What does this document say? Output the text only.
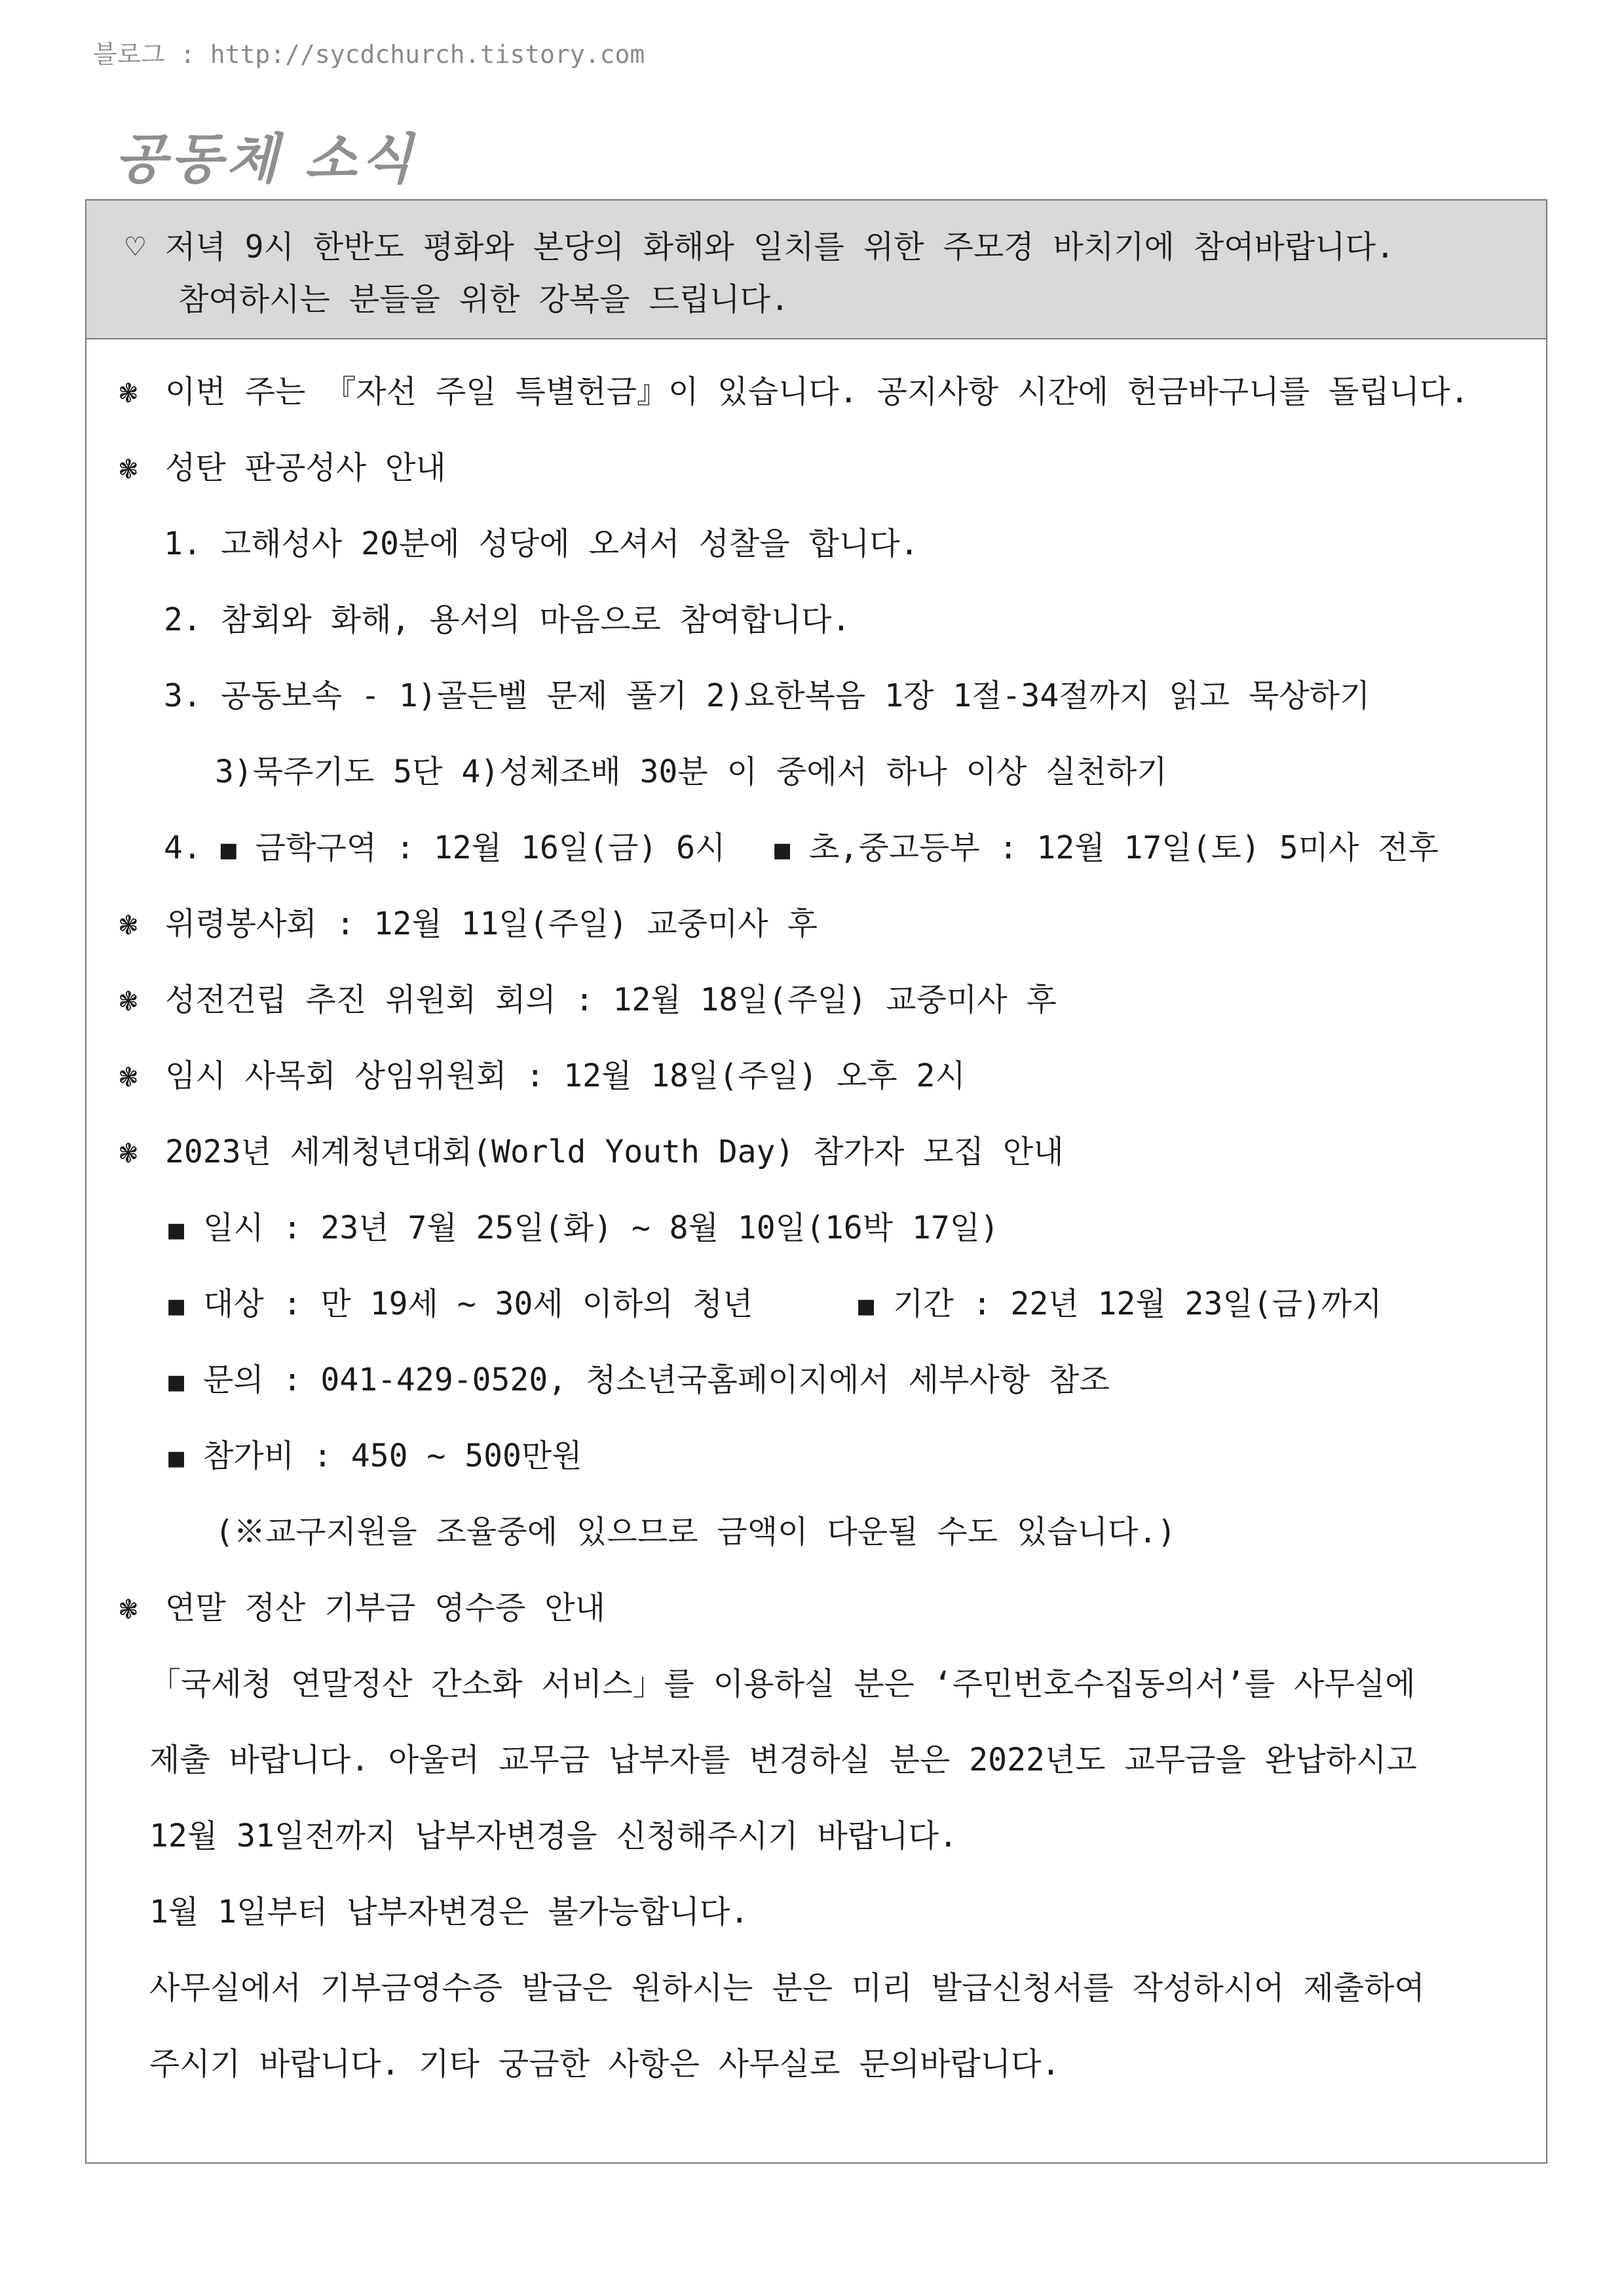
블로그 : http://sycdchurch.tistory.com
공동체 소식
♡ 저녁 9시 한반도 평화와 본당의 화해와 일치를 위한 주모경 바치기에 참여바랍니다.
참여하시는 분들을 위한 강복을 드립니다.
❃ 이번 주는 『자선 주일 특별헌금』이 있습니다. 공지사항 시간에 헌금바구니를 돌립니다.
❃ 성탄 판공성사 안내
1. 고해성사 20분에 성당에 오셔서 성찰을 합니다.
2. 참회와 화해, 용서의 마음으로 참여합니다.
3. 공동보속 - 1)골든벨 문제 풀기 2)요한복음 1장 1절-34절까지 읽고 묵상하기
3)묵주기도 5단 4)성체조배 30분 이 중에서 하나 이상 실천하기
4. ■ 금학구역 : 12월 16일(금) 6시 ■ 초,중고등부 : 12월 17일(토) 5미사 전후
❃ 위령봉사회 : 12월 11일(주일) 교중미사 후
❃ 성전건립 추진 위원회 회의 : 12월 18일(주일) 교중미사 후
❃ 임시 사목회 상임위원회 : 12월 18일(주일) 오후 2시
❃ 2023년 세계청년대회(World Youth Day) 참가자 모집 안내
■ 일시 : 23년 7월 25일(화) ~ 8월 10일(16박 17일)
■ 대상 : 만 19세 ~ 30세 이하의 청년	■ 기간 : 22년 12월 23일(금)까지
■ 문의 : 041-429-0520, 청소년국홈페이지에서 세부사항 참조
■ 참가비 : 450 ~ 500만원
(※교구지원을 조율중에 있으므로 금액이 다운될 수도 있습니다.)
❃ 연말 정산 기부금 영수증 안내
「국세청 연말정산 간소화 서비스」를 이용하실 분은 ‘주민번호수집동의서’를 사무실에
제출 바랍니다. 아울러 교무금 납부자를 변경하실 분은 2022년도 교무금을 완납하시고
12월 31일전까지 납부자변경을 신청해주시기 바랍니다.
1월 1일부터 납부자변경은 불가능합니다.
사무실에서 기부금영수증 발급은 원하시는 분은 미리 발급신청서를 작성하시어 제출하여
주시기 바랍니다. 기타 궁금한 사항은 사무실로 문의바랍니다.
